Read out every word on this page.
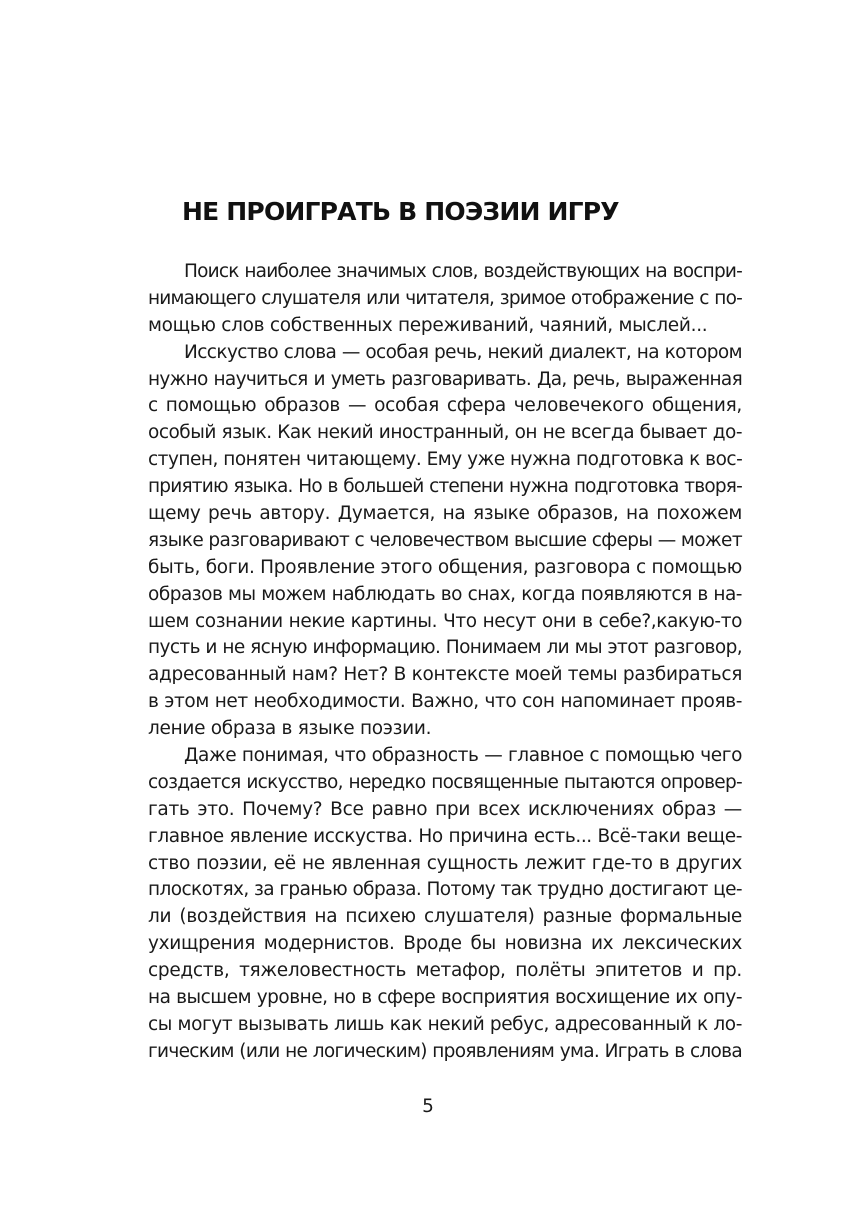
НЕ ПРОИГРАТЬ В ПОЭЗИИ ИГРУ
Поиск наиболее значимых слов, воздействующих на воспри-
нимающего слушателя или читателя, зримое отображение с по-
мощью слов собственных переживаний, чаяний, мыслей...
Исскуство слова — особая речь, некий диалект, на котором
нужно научиться и уметь разговаривать. Да, речь, выраженная
с помощью образов — особая сфера человечекого общения,
особый язык. Как некий иностранный, он не всегда бывает до-
ступен, понятен читающему. Ему уже нужна подготовка к вос-
приятию языка. Но в большей степени нужна подготовка творя-
щему речь автору. Думается, на языке образов, на похожем
языке разговаривают с человечеством высшие сферы — может
быть, боги. Проявление этого общения, разговора с помощью
образов мы можем наблюдать во снах, когда появляются в на-
шем сознании некие картины. Что несут они в себе?,какую-то
пусть и не ясную информацию. Понимаем ли мы этот разговор,
адресованный нам? Нет? В контексте моей темы разбираться
в этом нет необходимости. Важно, что сон напоминает прояв-
ление образа в языке поэзии.
Даже понимая, что образность — главное с помощью чего
создается искусство, нередко посвященные пытаются опровер-
гать это. Почему? Все равно при всех исключениях образ —
главное явление исскуства. Но причина есть... Всё-таки веще-
ство поэзии, её не явленная сущность лежит где-то в других
плоскотях, за гранью образа. Потому так трудно достигают це-
ли (воздействия на психею слушателя) разные формальные
ухищрения модернистов. Вроде бы новизна их лексических
средств, тяжеловестность метафор, полёты эпитетов и пр.
на высшем уровне, но в сфере восприятия восхищение их опу-
сы могут вызывать лишь как некий ребус, адресованный к ло-
гическим (или не логическим) проявлениям ума. Играть в слова
5
